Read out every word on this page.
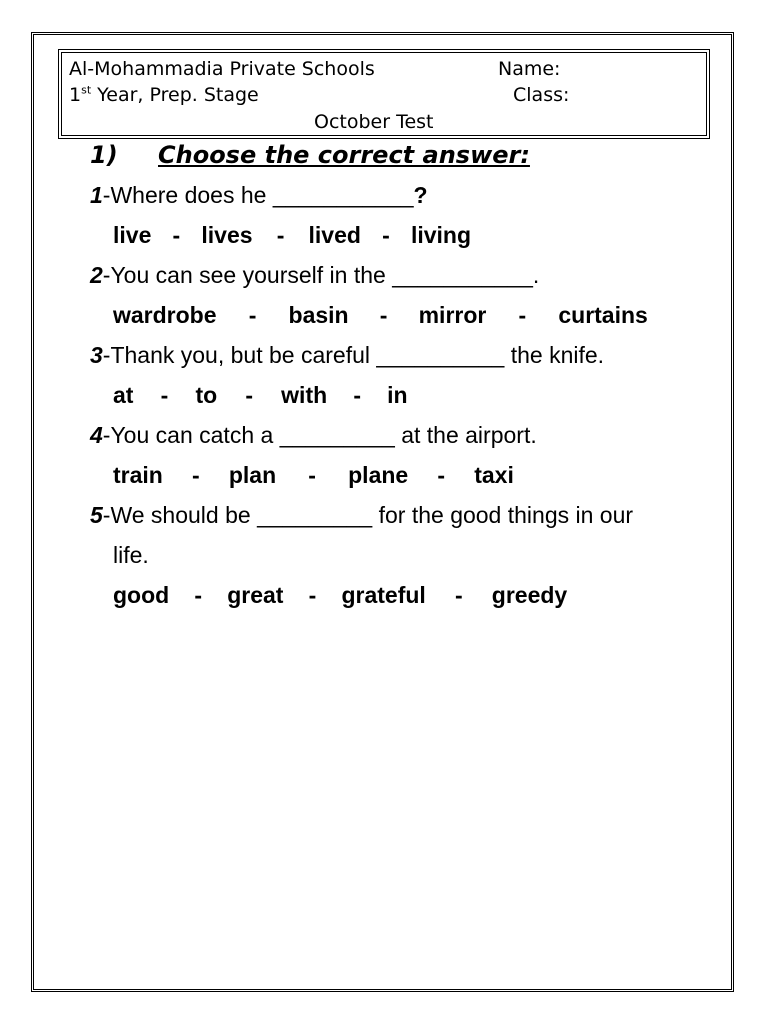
Al-Mohammadia Private Schools	Name:
1st Year, Prep. Stage	Class:
October Test
1) Choose the correct answer:
1-Where does he ___________?
live - lives - lived - living
2-You can see yourself in the ___________.
wardrobe - basin - mirror - curtains
3-Thank you, but be careful __________ the knife.
at - to - with - in
4-You can catch a _________ at the airport.
train - plan - plane - taxi
5-We should be _________ for the good things in our
life.
good - great - grateful - greedy
